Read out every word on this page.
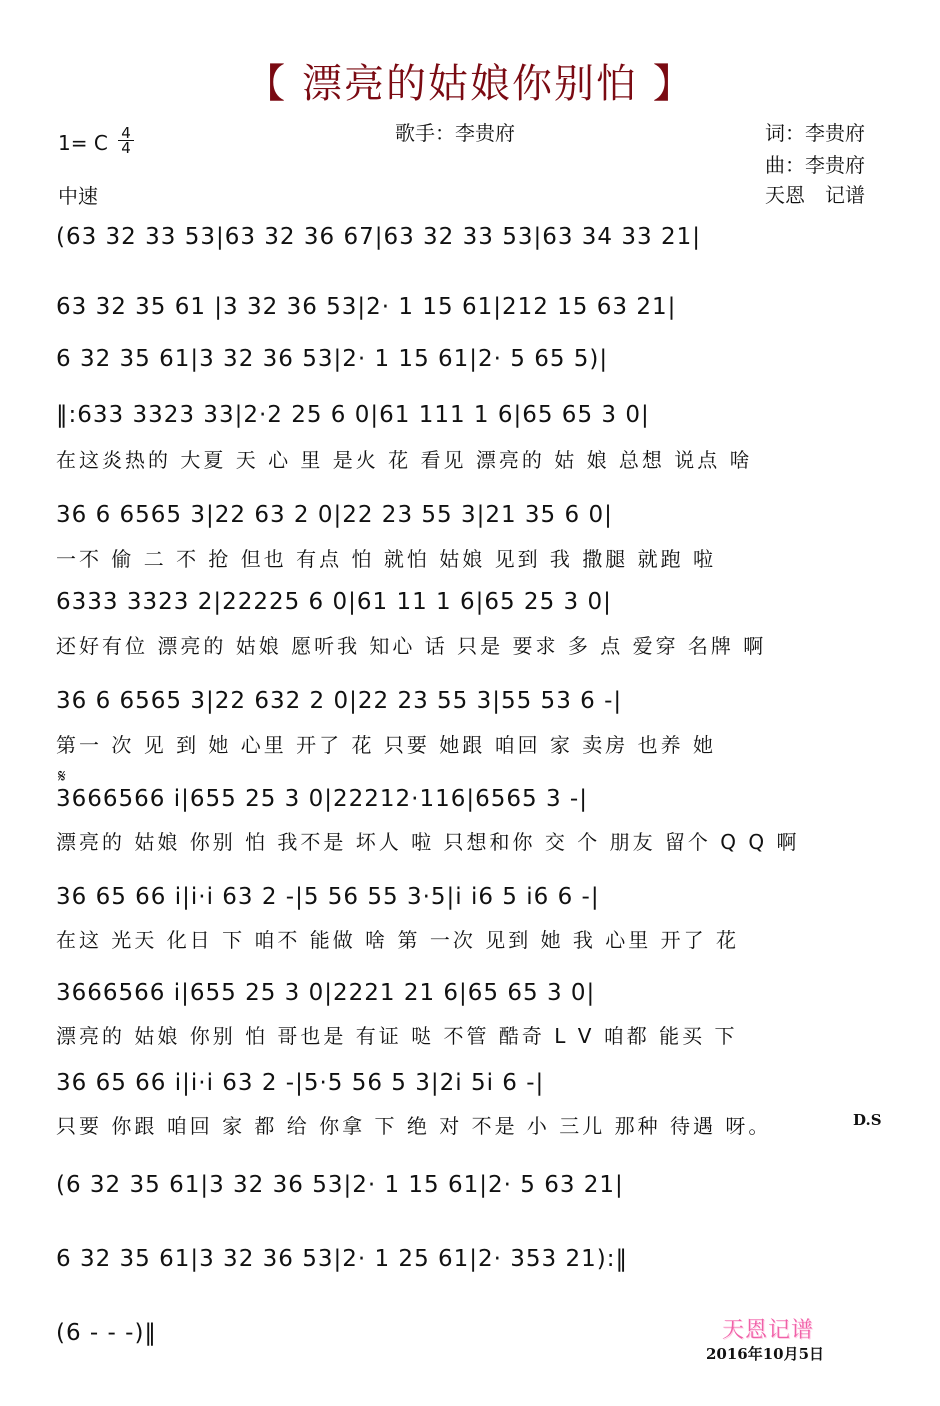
【 漂亮的姑娘你别怕 】
歌手：李贵府	词：李贵府
曲：李贵府
天恩　记谱
1= C $\frac{4}{4}$
中速
(63 32 33 53|63 32 36 67|63 32 33 53|63 34 33 21|
63 32 35 61 |3 32 36 53|2· 1 15 61|212 15 63 21|
6 32 35 61|3 32 36 53|2· 1 15 61|2· 5 65 5)|
‖:633 3323 33|2·2 25 6 0|61 111 1 6|65 65 3 0|
在这炎热的 大夏 天 心 里 是火 花 看见 漂亮的 姑 娘 总想 说点 啥
36 6 6565 3|22 63 2 0|22 23 55 3|21 35 6 0|
一不 偷 二 不 抢 但也 有点 怕 就怕 姑娘 见到 我 撒腿 就跑 啦
6333 3323 2|22225 6 0|61 11 1 6|65 25 3 0|
还好有位 漂亮的 姑娘 愿听我 知心 话 只是 要求 多 点 爱穿 名牌 啊
36 6 6565 3|22 632 2 0|22 23 55 3|55 53 6 -|
第一 次 见 到 她 心里 开了 花 只要 她跟 咱回 家 卖房 也养 她
𝄋
3666566 i|655 25 3 0|22212·116|6565 3 -|
漂亮的 姑娘 你别 怕 我不是 坏人 啦 只想和你 交 个 朋友 留个 Q Q 啊
36 65 66 i|i·i 63 2 -|5 56 55 3·5|i i6 5 i6 6 -|
在这 光天 化日 下 咱不 能做 啥 第 一次 见到 她 我 心里 开了 花
3666566 i|655 25 3 0|2221 21 6|65 65 3 0|
漂亮的 姑娘 你别 怕 哥也是 有证 哒 不管 酷奇 L V 咱都 能买 下
36 65 66 i|i·i 63 2 -|5·5 56 5 3|2i 5i 6 -|
只要 你跟 咱回 家 都 给 你拿 下 绝 对 不是 小 三儿 那种 待遇 呀。	D.S
(6 32 35 61|3 32 36 53|2· 1 15 61|2· 5 63 21|
6 32 35 61|3 32 36 53|2· 1 25 61|2· 353 21):‖
(6 - - -)‖	天恩记谱
2016年10月5日
